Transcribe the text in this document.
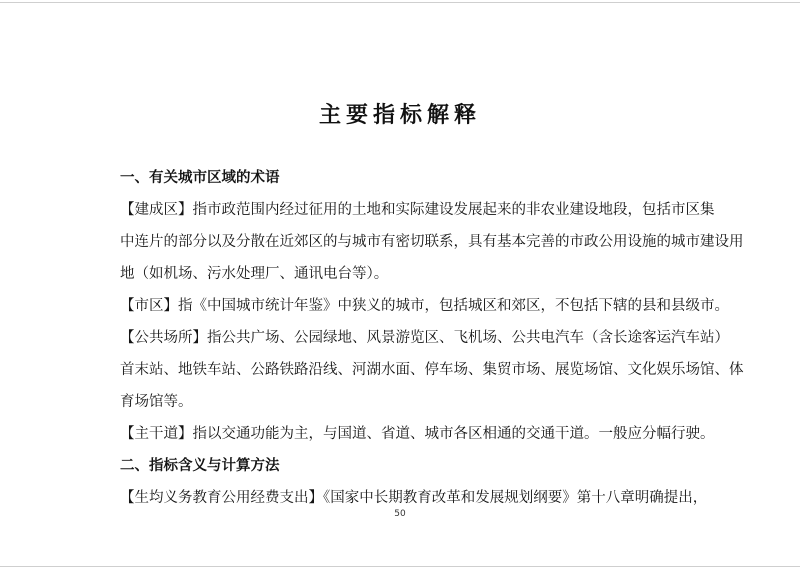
主要指标解释
一、有关城市区域的术语
【建成区】指市政范围内经过征用的土地和实际建设发展起来的非农业建设地段，包括市区集
中连片的部分以及分散在近郊区的与城市有密切联系，具有基本完善的市政公用设施的城市建设用
地（如机场、污水处理厂、通讯电台等）。
【市区】指《中国城市统计年鉴》中狭义的城市，包括城区和郊区，不包括下辖的县和县级市。
【公共场所】指公共广场、公园绿地、风景游览区、飞机场、公共电汽车（含长途客运汽车站）
首末站、地铁车站、公路铁路沿线、河湖水面、停车场、集贸市场、展览场馆、文化娱乐场馆、体
育场馆等。
【主干道】指以交通功能为主，与国道、省道、城市各区相通的交通干道。一般应分幅行驶。
二、指标含义与计算方法
【生均义务教育公用经费支出】《国家中长期教育改革和发展规划纲要》第十八章明确提出，
50
